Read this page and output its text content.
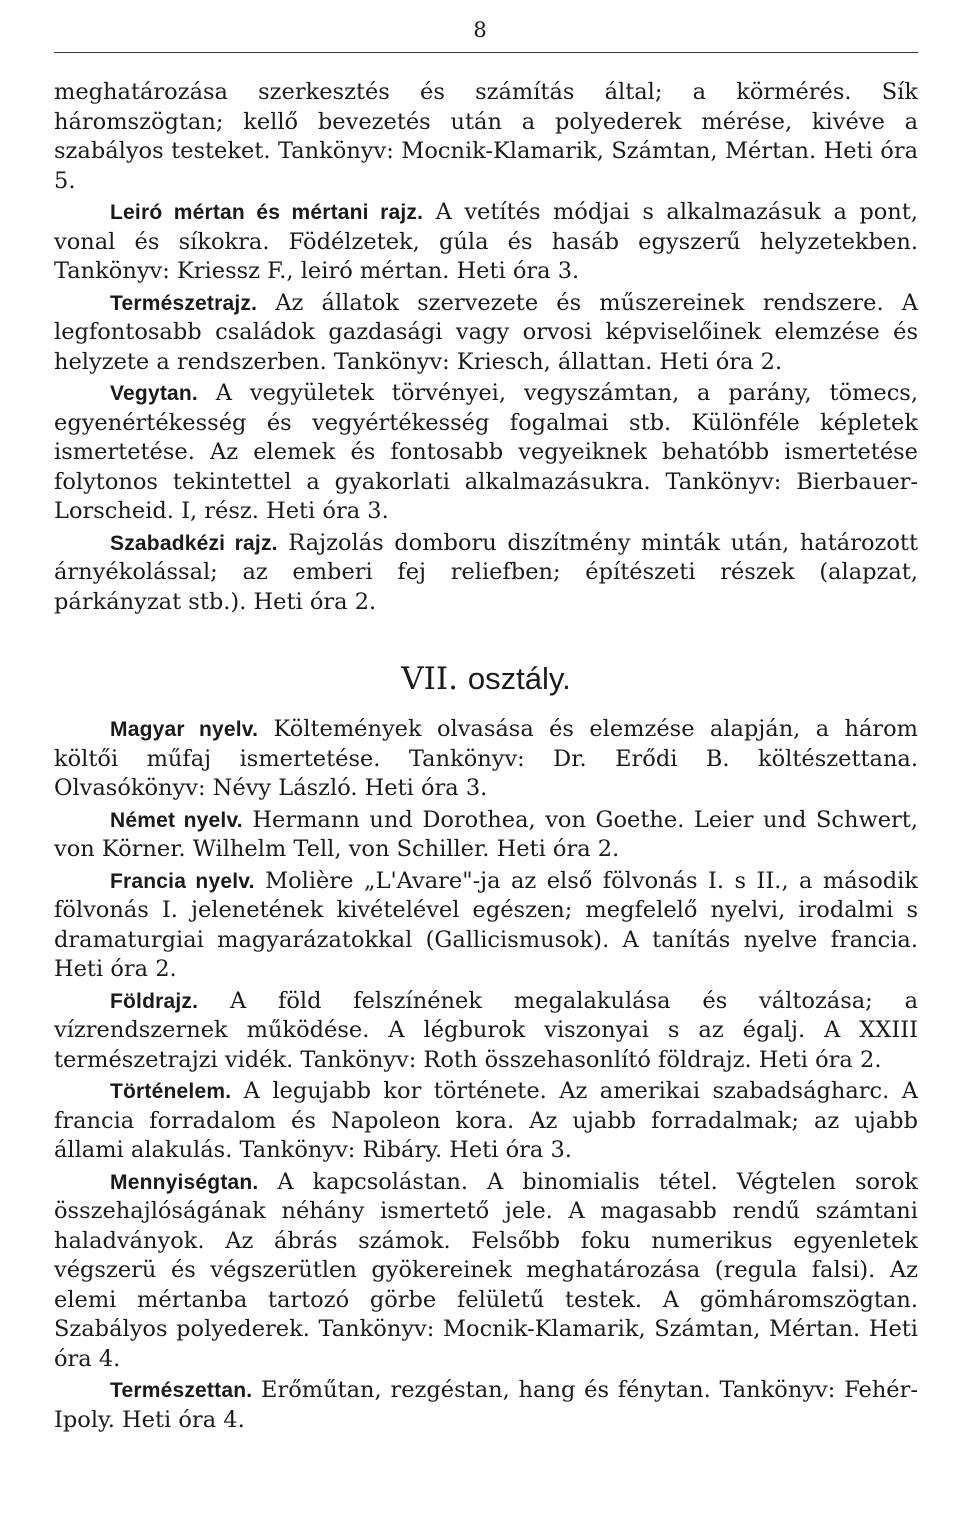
8

meghatározása szerkesztés és számítás által; a körmérés. Sík háromszögtan; kellő bevezetés után a polyederek mérése, kivéve a szabályos testeket. Tankönyv: Mocnik-Klamarik, Számtan, Mértan. Heti óra 5.

Leiró mértan és mértani rajz. A vetítés módjai s alkalmazásuk a pont, vonal és síkokra. Födélzetek, gúla és hasáb egyszerű helyzetekben. Tankönyv: Kriessz F., leiró mértan. Heti óra 3.

Természetrajz. Az állatok szervezete és műszereinek rendszere. A legfontosabb családok gazdasági vagy orvosi képviselőinek elemzése és helyzete a rendszerben. Tankönyv: Kriesch, állattan. Heti óra 2.

Vegytan. A vegyületek törvényei, vegyszámtan, a parány, tömecs, egyenértékesség és vegyértékesség fogalmai stb. Különféle képletek ismertetése. Az elemek és fontosabb vegyeiknek behatóbb ismertetése folytonos tekintettel a gyakorlati alkalmazásukra. Tankönyv: Bierbauer-Lorscheid. I, rész. Heti óra 3.

Szabadkézi rajz. Rajzolás domboru diszítmény minták után, határozott árnyékolással; az emberi fej reliefben; építészeti részek (alapzat, párkányzat stb.). Heti óra 2.

VII. osztály.

Magyar nyelv. Költemények olvasása és elemzése alapján, a három költői műfaj ismertetése. Tankönyv: Dr. Erődi B. költészettana. Olvasókönyv: Névy László. Heti óra 3.

Német nyelv. Hermann und Dorothea, von Goethe. Leier und Schwert, von Körner. Wilhelm Tell, von Schiller. Heti óra 2.

Francia nyelv. Molière „L'Avare"-ja az első fölvonás I. s II., a második fölvonás I. jelenetének kivételével egészen; megfelelő nyelvi, irodalmi s dramaturgiai magyarázatokkal (Gallicismusok). A tanítás nyelve francia. Heti óra 2.

Földrajz. A föld felszínének megalakulása és változása; a vízrendszernek működése. A légburok viszonyai s az égalj. A XXIII természetrajzi vidék. Tankönyv: Roth összehasonlító földrajz. Heti óra 2.

Történelem. A legujabb kor története. Az amerikai szabadságharc. A francia forradalom és Napoleon kora. Az ujabb forradalmak; az ujabb állami alakulás. Tankönyv: Ribáry. Heti óra 3.

Mennyiségtan. A kapcsolástan. A binomialis tétel. Végtelen sorok összehajlóságának néhány ismertető jele. A magasabb rendű számtani haladványok. Az ábrás számok. Felsőbb foku numerikus egyenletek végszerü és végszerütlen gyökereinek meghatározása (regula falsi). Az elemi mértanba tartozó görbe felületű testek. A gömháromszögtan. Szabályos polyederek. Tankönyv: Mocnik-Klamarik, Számtan, Mértan. Heti óra 4.

Természettan. Erőműtan, rezgéstan, hang és fénytan. Tankönyv: Fehér-Ipoly. Heti óra 4.
